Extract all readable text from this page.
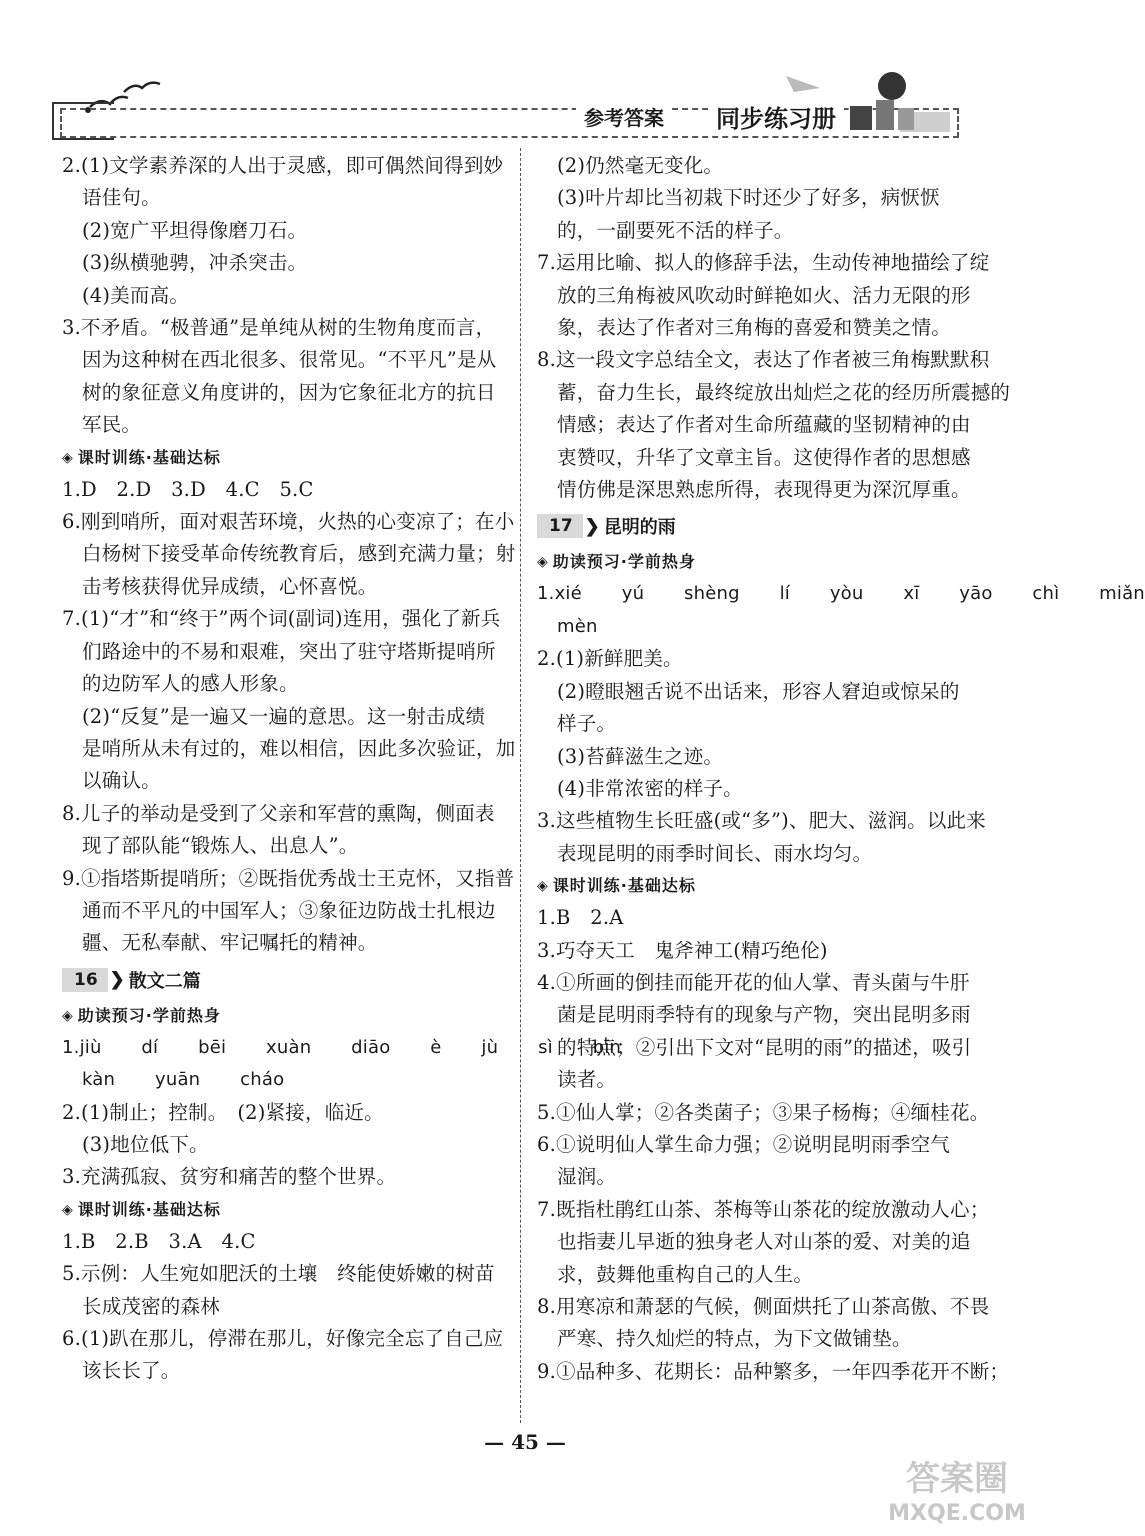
参考答案	同步练习册
2.(1)文学素养深的人出于灵感，即可偶然间得到妙
语佳句。
(2)宽广平坦得像磨刀石。
(3)纵横驰骋，冲杀突击。
(4)美而高。
3.不矛盾。“极普通”是单纯从树的生物角度而言，
因为这种树在西北很多、很常见。“不平凡”是从
树的象征意义角度讲的，因为它象征北方的抗日
军民。
◈ 课时训练·基础达标
1.D　2.D　3.D　4.C　5.C
6.刚到哨所，面对艰苦环境，火热的心变凉了；在小
白杨树下接受革命传统教育后，感到充满力量；射
击考核获得优异成绩，心怀喜悦。
7.(1)“才”和“终于”两个词(副词)连用，强化了新兵
们路途中的不易和艰难，突出了驻守塔斯提哨所
的边防军人的感人形象。
(2)“反复”是一遍又一遍的意思。这一射击成绩
是哨所从未有过的，难以相信，因此多次验证，加
以确认。
8.儿子的举动是受到了父亲和军营的熏陶，侧面表
现了部队能“锻炼人、出息人”。
9.①指塔斯提哨所；②既指优秀战士王克怀，又指普
通而不平凡的中国军人；③象征边防战士扎根边
疆、无私奉献、牢记嘱托的精神。
16 ❯ 散文二篇
◈ 助读预习·学前热身
1.jiù  dí  bēi  xuàn  diāo  è  jù  sì  bīn
kàn  yuān  cháo
2.(1)制止；控制。　(2)紧接，临近。
(3)地位低下。
3.充满孤寂、贫穷和痛苦的整个世界。
◈ 课时训练·基础达标
1.B　2.B　3.A　4.C
5.示例：人生宛如肥沃的土壤　终能使娇嫩的树苗
长成茂密的森林
6.(1)趴在那儿，停滞在那儿，好像完全忘了自己应
该长长了。
(2)仍然毫无变化。
(3)叶片却比当初栽下时还少了好多，病恹恹
的，一副要死不活的样子。
7.运用比喻、拟人的修辞手法，生动传神地描绘了绽
放的三角梅被风吹动时鲜艳如火、活力无限的形
象，表达了作者对三角梅的喜爱和赞美之情。
8.这一段文字总结全文，表达了作者被三角梅默默积
蓄，奋力生长，最终绽放出灿烂之花的经历所震撼的
情感；表达了作者对生命所蕴藏的坚韧精神的由
衷赞叹，升华了文章主旨。这使得作者的思想感
情仿佛是深思熟虑所得，表现得更为深沉厚重。
17 ❯ 昆明的雨
◈ 助读预习·学前热身
1.xié  yú  shèng  lí  yòu  xī  yāo  chì  miǎn
mèn
2.(1)新鲜肥美。
(2)瞪眼翘舌说不出话来，形容人窘迫或惊呆的
样子。
(3)苔藓滋生之迹。
(4)非常浓密的样子。
3.这些植物生长旺盛(或“多”)、肥大、滋润。以此来
表现昆明的雨季时间长、雨水均匀。
◈ 课时训练·基础达标
1.B　2.A
3.巧夺天工　鬼斧神工(精巧绝伦)
4.①所画的倒挂而能开花的仙人掌、青头菌与牛肝
菌是昆明雨季特有的现象与产物，突出昆明多雨
的特点；②引出下文对“昆明的雨”的描述，吸引
读者。
5.①仙人掌；②各类菌子；③果子杨梅；④缅桂花。
6.①说明仙人掌生命力强；②说明昆明雨季空气
湿润。
7.既指杜鹃红山茶、茶梅等山茶花的绽放激动人心；
也指妻儿早逝的独身老人对山茶的爱、对美的追
求，鼓舞他重构自己的人生。
8.用寒凉和萧瑟的气候，侧面烘托了山茶高傲、不畏
严寒、持久灿烂的特点，为下文做铺垫。
9.①品种多、花期长：品种繁多，一年四季花开不断；
— 45 —
答案圈
MXQE.COM
